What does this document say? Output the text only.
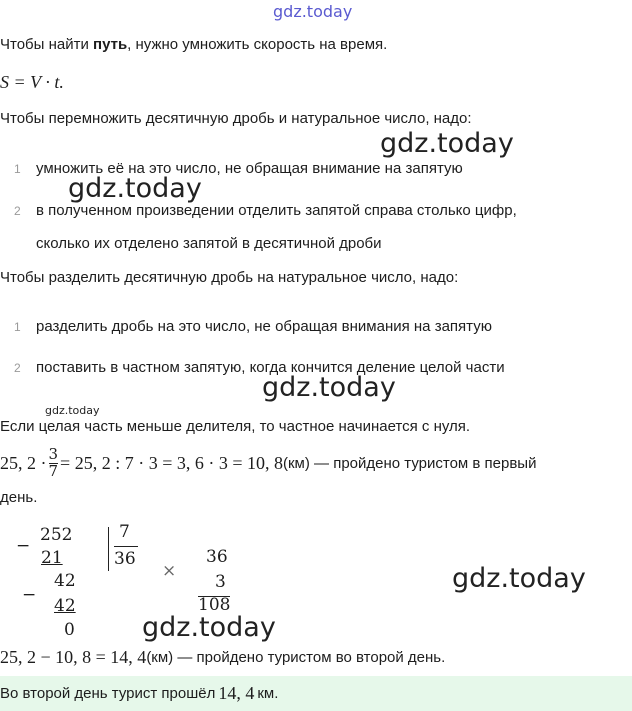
gdz.today
Чтобы найти путь, нужно умножить скорость на время.
S = V · t.
Чтобы перемножить десятичную дробь и натуральное число, надо:
gdz.today
1 умножить её на это число, не обращая внимание на запятую
gdz.today
2 в полученном произведении отделить запятой справа столько цифр,
сколько их отделено запятой в десятичной дроби
Чтобы разделить десятичную дробь на натуральное число, надо:
1 разделить дробь на это число, не обращая внимания на запятую
2 поставить в частном запятую, когда кончится деление целой части
gdz.today
gdz.today
Если целая часть меньше делителя, то частное начинается с нуля.
25, $2 \cdot \frac{3}{7} = 25$, 2 : 7 · 3 = 3, 6 · 3 = 10, 8 (км) — пройдено туристом в первый
день.
−
252
21
7
36
−
42
42
0
×
36
3
108
gdz.today
gdz.today
25, 2 − 10, 8 = 14, 4 (км) — пройдено туристом во второй день.
Во второй день турист прошёл 14, 4 км.
